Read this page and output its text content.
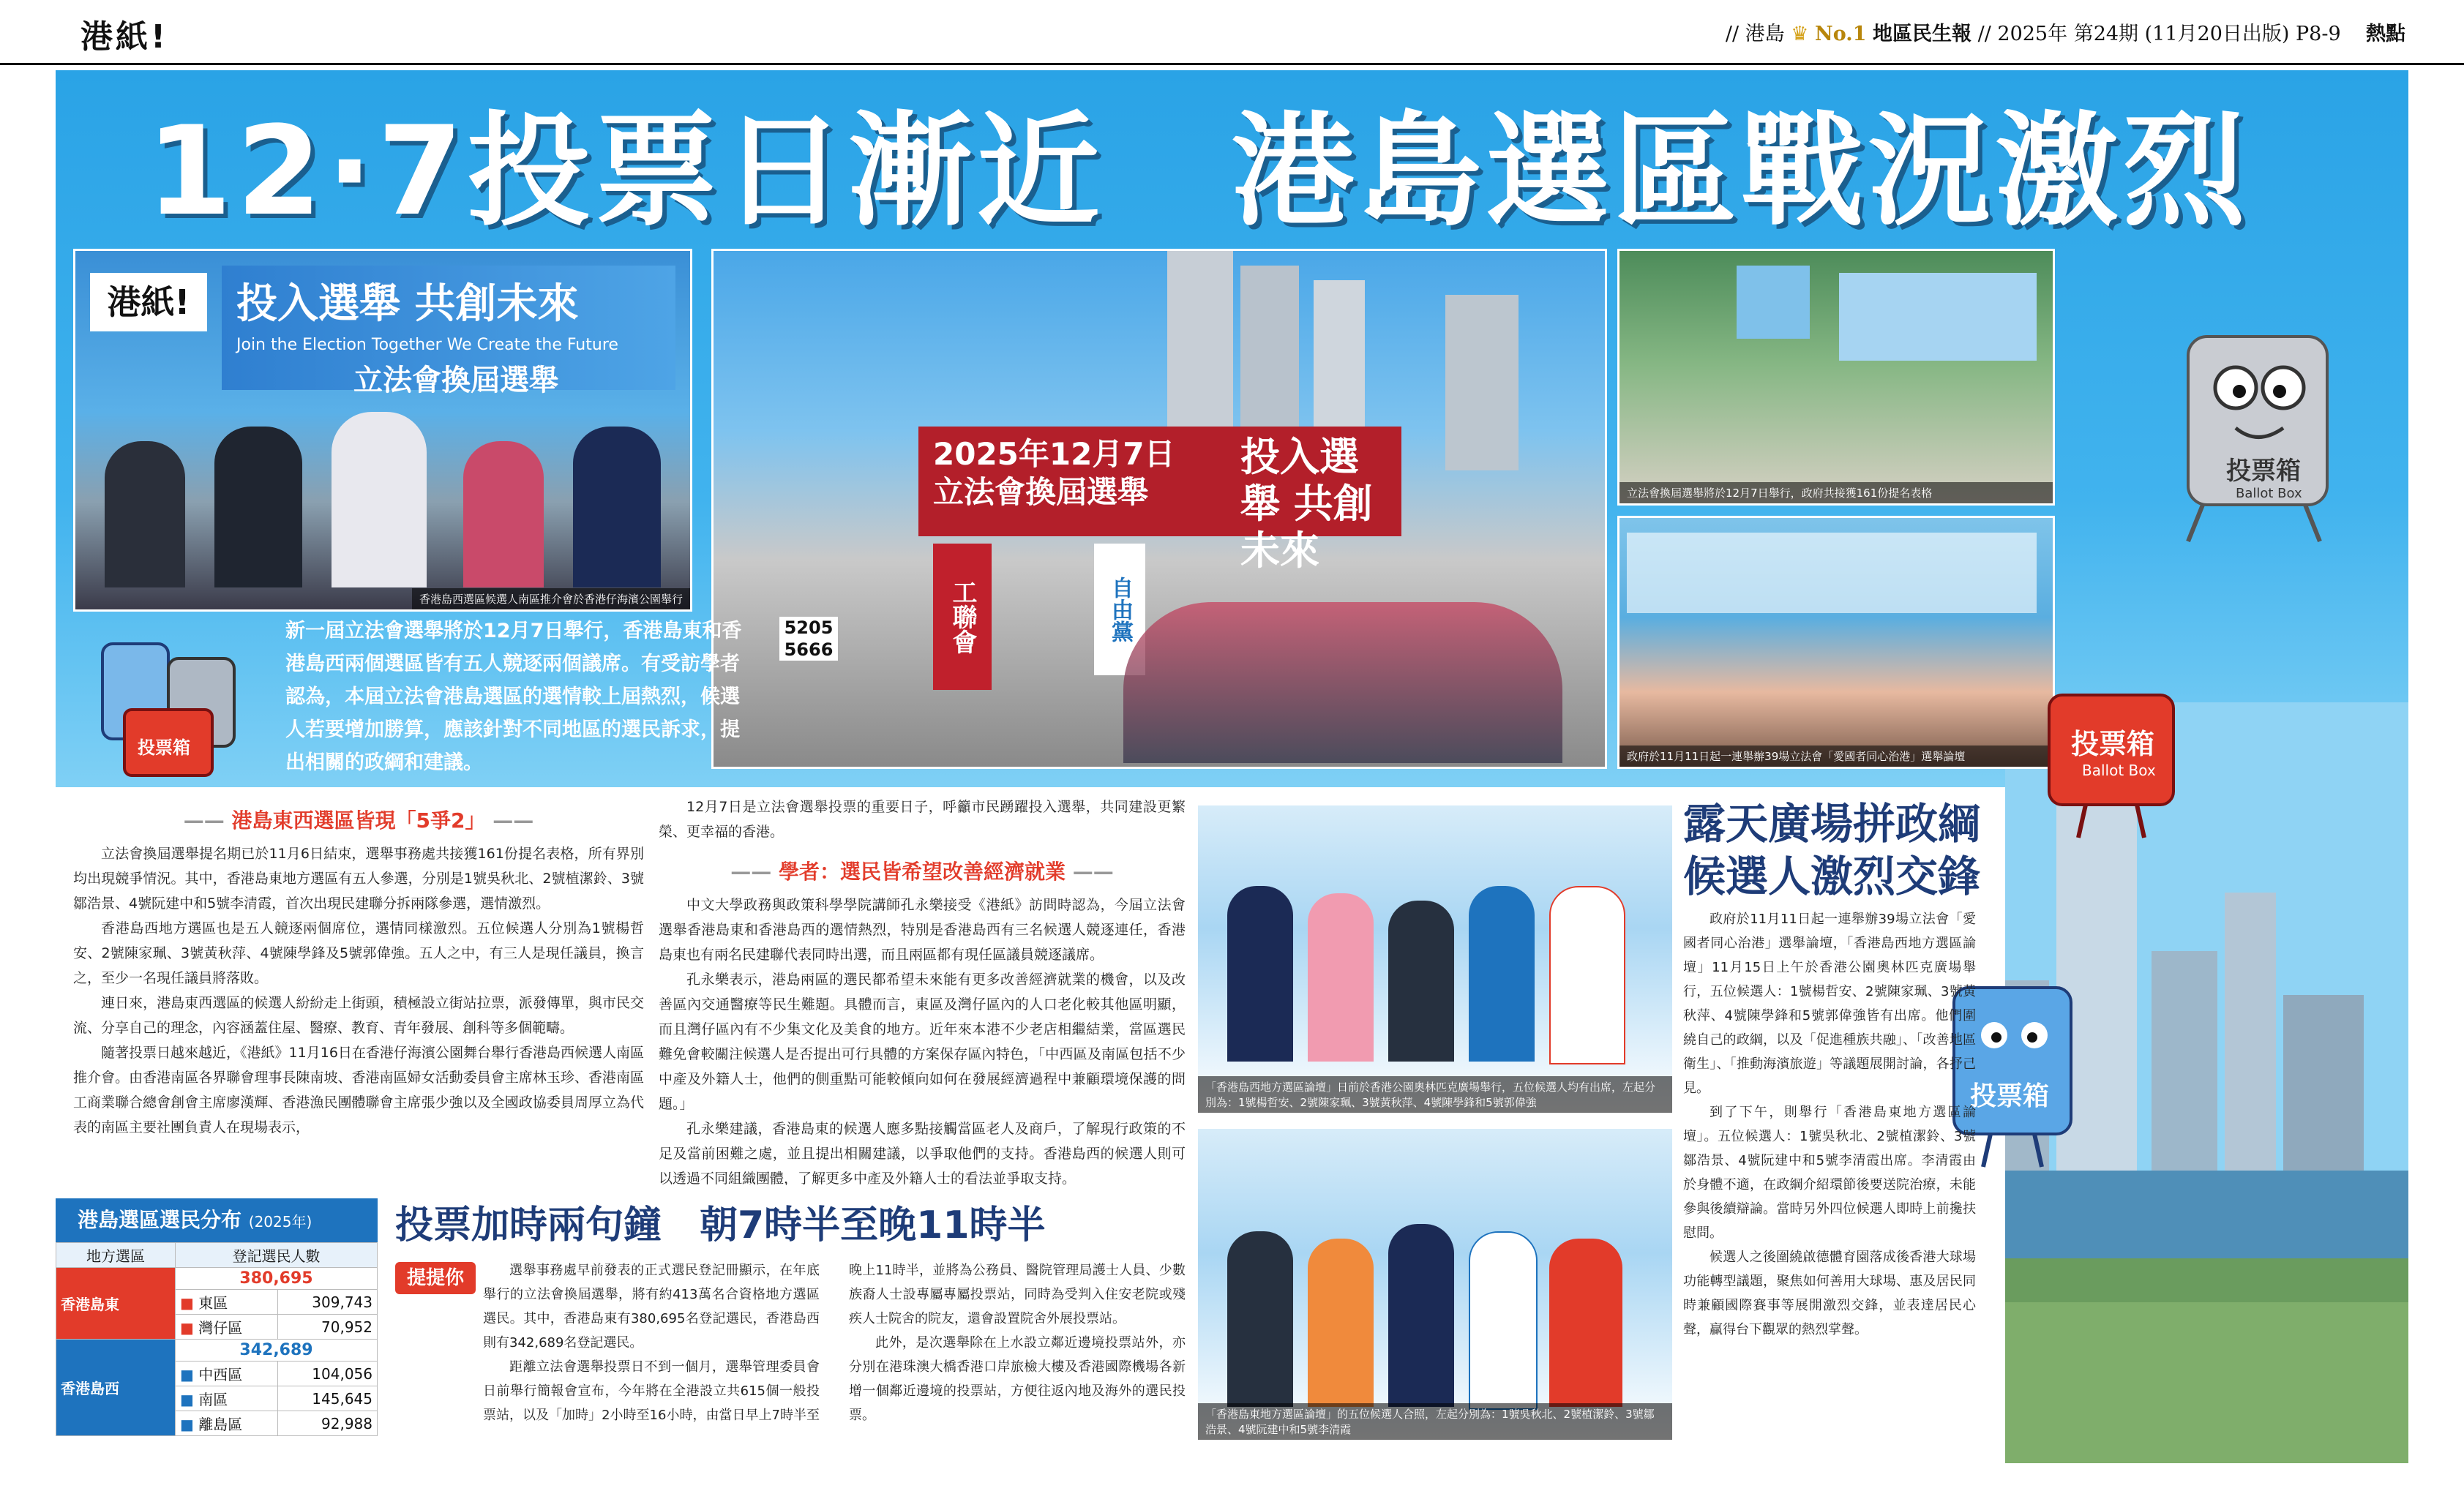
港紙!	// 港島 ♛ No.1 地區民生報 // 2025年 第24期 (11月20日出版) P8-9 熱點
12·7投票日漸近　港島選區戰況激烈
投入選舉 共創未來
Join the Election Together We Create the Future
立法會換屆選舉
港紙!
香港島西選區候選人南區推介會於香港仔海濱公園舉行
2025年12月7日 立法會換屆選舉
投入選舉 共創未來
工聯會	自由黨
5205 5666
立法會換屆選舉將於12月7日舉行，政府共接獲161份提名表格
政府於11月11日起一連舉辦39場立法會「愛國者同心治港」選舉論壇
新一屆立法會選舉將於12月7日舉行，香港島東和香港島西兩個選區皆有五人競逐兩個議席。有受訪學者認為，本屆立法會港島選區的選情較上屆熱烈，候選人若要增加勝算，應該針對不同地區的選民訴求，提出相關的政綱和建議。
投票箱
投票箱
Ballot Box
投票箱
Ballot Box
投票箱
—— 港島東西選區皆現「5爭2」 ——

立法會換屆選舉提名期已於11月6日結束，選舉事務處共接獲161份提名表格，所有界別均出現競爭情況。其中，香港島東地方選區有五人參選，分別是1號吳秋北、2號植潔鈴、3號鄒浩景、4號阮建中和5號李清霞，首次出現民建聯分拆兩隊參選，選情激烈。

香港島西地方選區也是五人競逐兩個席位，選情同樣激烈。五位候選人分別為1號楊哲安、2號陳家珮、3號黃秋萍、4號陳學鋒及5號郭偉強。五人之中，有三人是現任議員，換言之，至少一名現任議員將落敗。

連日來，港島東西選區的候選人紛紛走上街頭，積極設立街站拉票，派發傳單，與市民交流、分享自己的理念，內容涵蓋住屋、醫療、教育、青年發展、創科等多個範疇。

隨著投票日越來越近，《港紙》11月16日在香港仔海濱公園舞台舉行香港島西候選人南區推介會。由香港南區各界聯會理事長陳南坡、香港南區婦女活動委員會主席林玉珍、香港南區工商業聯合總會創會主席廖漢輝、香港漁民團體聯會主席張少強以及全國政協委員周厚立為代表的南區主要社團負責人在現場表示，

12月7日是立法會選舉投票的重要日子，呼籲市民踴躍投入選舉，共同建設更繁榮、更幸福的香港。

—— 學者：選民皆希望改善經濟就業 ——

中文大學政務與政策科學學院講師孔永樂接受《港紙》訪問時認為，今屆立法會選舉香港島東和香港島西的選情熱烈，特別是香港島西有三名候選人競逐連任，香港島東也有兩名民建聯代表同時出選，而且兩區都有現任區議員競逐議席。

孔永樂表示，港島兩區的選民都希望未來能有更多改善經濟就業的機會，以及改善區內交通醫療等民生難題。具體而言，東區及灣仔區內的人口老化較其他區明顯，而且灣仔區內有不少集文化及美食的地方。近年來本港不少老店相繼結業，當區選民難免會較關注候選人是否提出可行具體的方案保存區內特色，「中西區及南區包括不少中產及外籍人士，他們的側重點可能較傾向如何在發展經濟過程中兼顧環境保護的問題。」

孔永樂建議，香港島東的候選人應多點接觸當區老人及商戶，了解現行政策的不足及當前困難之處，並且提出相關建議，以爭取他們的支持。香港島西的候選人則可以透過不同組織團體，了解更多中產及外籍人士的看法並爭取支持。

「香港島西地方選區論壇」日前於香港公園奧林匹克廣場舉行，五位候選人均有出席，左起分別為：1號楊哲安、2號陳家珮、3號黃秋萍、4號陳學鋒和5號郭偉強
「香港島東地方選區論壇」的五位候選人合照，左起分別為：1號吳秋北、2號植潔鈴、3號鄒浩景、4號阮建中和5號李清霞
露天廣場拼政綱
候選人激烈交鋒

政府於11月11日起一連舉辦39場立法會「愛國者同心治港」選舉論壇，「香港島西地方選區論壇」11月15日上午於香港公園奧林匹克廣場舉行，五位候選人：1號楊哲安、2號陳家珮、3號黃秋萍、4號陳學鋒和5號郭偉強皆有出席。他們圍繞自己的政綱，以及「促進種族共融」、「改善地區衛生」、「推動海濱旅遊」等議題展開討論，各抒己見。

到了下午，則舉行「香港島東地方選區論壇」。五位候選人：1號吳秋北、2號植潔鈴、3號鄒浩景、4號阮建中和5號李清霞出席。李清霞由於身體不適，在政綱介紹環節後要送院治療，未能參與後續辯論。當時另外四位候選人即時上前攙扶慰問。

候選人之後圍繞啟德體育園落成後香港大球場功能轉型議題，聚焦如何善用大球場、惠及居民同時兼顧國際賽事等展開激烈交鋒，並表達居民心聲，贏得台下觀眾的熱烈掌聲。

港島選區選民分布 (2025年)
地方選區	登記選民人數	
香港島東	380,695	
	■ 東區	309,743
	■ 灣仔區	70,952
香港島西	342,689	
	■ 中西區	104,056
	■ 南區	145,645
	■ 離島區	92,988
投票加時兩句鐘　朝7時半至晚11時半
提提你	選舉事務處早前發表的正式選民登記冊顯示，在年底舉行的立法會換屆選舉，將有約413萬名合資格地方選區選民。其中，香港島東有380,695名登記選民，香港島西則有342,689名登記選民。

距離立法會選舉投票日不到一個月，選舉管理委員會日前舉行簡報會宣布，今年將在全港設立共615個一般投票站，以及「加時」2小時至16小時，由當日早上7時半至晚上11時半，並將為公務員、醫院管理局護士人員、少數族裔人士設專屬專屬投票站，同時為受判入住安老院或殘疾人士院舍的院友，還會設置院舍外展投票站。

此外，是次選舉除在上水設立鄰近邊境投票站外，亦分別在港珠澳大橋香港口岸旅檢大樓及香港國際機場各新增一個鄰近邊境的投票站，方便往返內地及海外的選民投票。
